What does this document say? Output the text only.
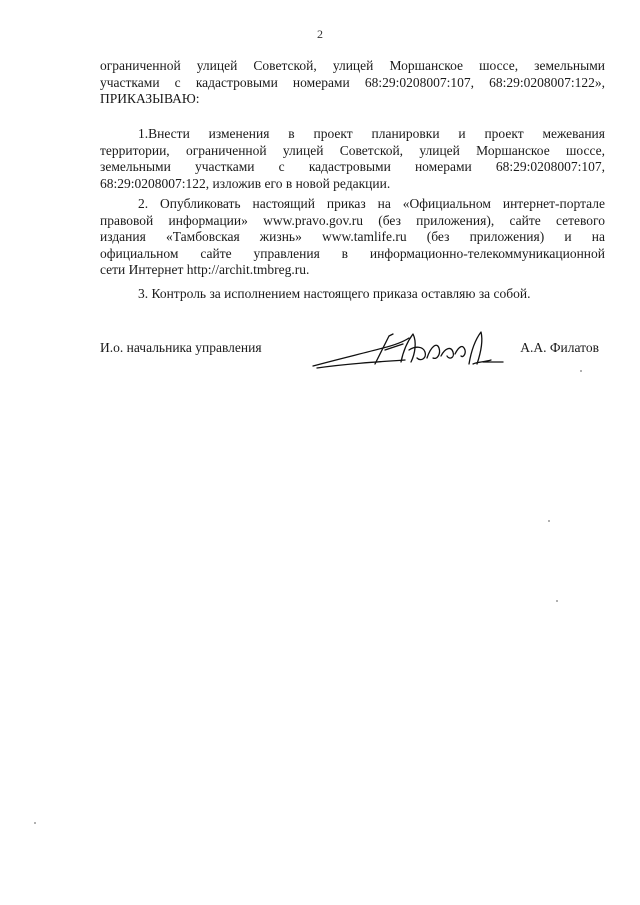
2
ограниченной улицей Советской, улицей Моршанское шоссе, земельными
участками с кадастровыми номерами 68:29:0208007:107, 68:29:0208007:122»,
ПРИКАЗЫВАЮ:
1.Внести изменения в проект планировки и проект межевания
территории, ограниченной улицей Советской, улицей Моршанское шоссе,
земельными участками с кадастровыми номерами 68:29:0208007:107,
68:29:0208007:122, изложив его в новой редакции.
2. Опубликовать настоящий приказ на «Официальном интернет-портале
правовой информации» www.pravo.gov.ru (без приложения), сайте сетевого
издания «Тамбовская жизнь» www.tamlife.ru (без приложения) и на
официальном сайте управления в информационно-телекоммуникационной
сети Интернет http://archit.tmbreg.ru.
3. Контроль за исполнением настоящего приказа оставляю за собой.
И.о. начальника управления	А.А. Филатов
